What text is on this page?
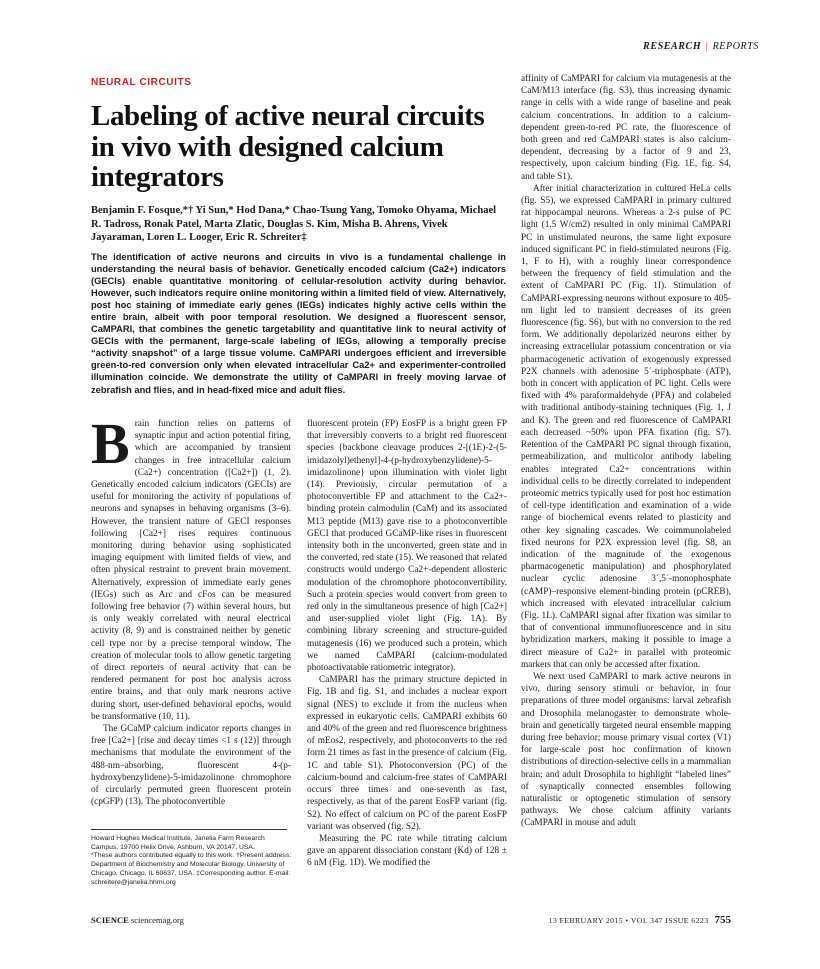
RESEARCH | REPORTS
NEURAL CIRCUITS
Labeling of active neural circuits in vivo with designed calcium integrators
Benjamin F. Fosque,*† Yi Sun,* Hod Dana,* Chao-Tsung Yang, Tomoko Ohyama, Michael R. Tadross, Ronak Patel, Marta Zlatic, Douglas S. Kim, Misha B. Ahrens, Vivek Jayaraman, Loren L. Looger, Eric R. Schreiter‡
The identification of active neurons and circuits in vivo is a fundamental challenge in understanding the neural basis of behavior. Genetically encoded calcium (Ca2+) indicators (GECIs) enable quantitative monitoring of cellular-resolution activity during behavior. However, such indicators require online monitoring within a limited field of view. Alternatively, post hoc staining of immediate early genes (IEGs) indicates highly active cells within the entire brain, albeit with poor temporal resolution. We designed a fluorescent sensor, CaMPARI, that combines the genetic targetability and quantitative link to neural activity of GECIs with the permanent, large-scale labeling of IEGs, allowing a temporally precise “activity snapshot” of a large tissue volume. CaMPARI undergoes efficient and irreversible green-to-red conversion only when elevated intracellular Ca2+ and experimenter-controlled illumination coincide. We demonstrate the utility of CaMPARI in freely moving larvae of zebrafish and flies, and in head-fixed mice and adult flies.

Brain function relies on patterns of synaptic input and action potential firing, which are accompanied by transient changes in free intracellular calcium (Ca2+) concentration ([Ca2+]) (1, 2). Genetically encoded calcium indicators (GECIs) are useful for monitoring the activity of populations of neurons and synapses in behaving organisms (3–6). However, the transient nature of GECI responses following [Ca2+] rises requires continuous monitoring during behavior using sophisticated imaging equipment with limited fields of view, and often physical restraint to prevent brain movement. Alternatively, expression of immediate early genes (IEGs) such as Arc and cFos can be measured following free behavior (7) within several hours, but is only weakly correlated with neural electrical activity (8, 9) and is constrained neither by genetic cell type nor by a precise temporal window. The creation of molecular tools to allow genetic targeting of direct reporters of neural activity that can be rendered permanent for post hoc analysis across entire brains, and that only mark neurons active during short, user-defined behavioral epochs, would be transformative (10, 11).

The GCaMP calcium indicator reports changes in free [Ca2+] [rise and decay times <1 s (12)] through mechanisms that modulate the environment of the 488-nm–absorbing, fluorescent 4-(p-hydroxybenzylidene)-5-imidazolinone chromophore of circularly permuted green fluorescent protein (cpGFP) (13). The photoconvertible

Howard Hughes Medical Institute, Janelia Farm Research Campus, 19700 Helix Drive, Ashburn, VA 20147, USA.

*These authors contributed equally to this work. †Present address: Department of Biochemistry and Molecular Biology, University of Chicago, Chicago, IL 60637, USA. ‡Corresponding author. E-mail: schreitere@janelia.hhmi.org

fluorescent protein (FP) EosFP is a bright green FP that irreversibly converts to a bright red fluorescent species {backbone cleavage produces 2-[(1E)-2-(5-imidazolyl)ethenyl]-4-(p-hydroxybenzylidene)-5-imidazolinone} upon illumination with violet light (14). Previously, circular permutation of a photoconvertible FP and attachment to the Ca2+-binding protein calmodulin (CaM) and its associated M13 peptide (M13) gave rise to a photoconvertible GECI that produced GCaMP-like rises in fluorescent intensity both in the unconverted, green state and in the converted, red state (15). We reasoned that related constructs would undergo Ca2+-dependent allosteric modulation of the chromophore photoconvertibility. Such a protein species would convert from green to red only in the simultaneous presence of high [Ca2+] and user-supplied violet light (Fig. 1A). By combining library screening and structure-guided mutagenesis (16) we produced such a protein, which we named CaMPARI (calcium-modulated photoactivatable ratiometric integrator).

CaMPARI has the primary structure depicted in Fig. 1B and fig. S1, and includes a nuclear export signal (NES) to exclude it from the nucleus when expressed in eukaryotic cells. CaMPARI exhibits 60 and 40% of the green and red fluorescence brightness of mEos2, respectively, and photoconverts to the red form 21 times as fast in the presence of calcium (Fig. 1C and table S1). Photoconversion (PC) of the calcium-bound and calcium-free states of CaMPARI occurs three times and one-seventh as fast, respectively, as that of the parent EosFP variant (fig. S2). No effect of calcium on PC of the parent EosFP variant was observed (fig. S2).

Measuring the PC rate while titrating calcium gave an apparent dissociation constant (Kd) of 128 ± 6 nM (Fig. 1D). We modified the

affinity of CaMPARI for calcium via mutagenesis at the CaM/M13 interface (fig. S3), thus increasing dynamic range in cells with a wide range of baseline and peak calcium concentrations. In addition to a calcium-dependent green-to-red PC rate, the fluorescence of both green and red CaMPARI states is also calcium-dependent, decreasing by a factor of 9 and 23, respectively, upon calcium binding (Fig. 1E, fig. S4, and table S1).

After initial characterization in cultured HeLa cells (fig. S5), we expressed CaMPARI in primary cultured rat hippocampal neurons. Whereas a 2-s pulse of PC light (1.5 W/cm2) resulted in only minimal CaMPARI PC in unstimulated neurons, the same light exposure induced significant PC in field-stimulated neurons (Fig. 1, F to H), with a roughly linear correspondence between the frequency of field stimulation and the extent of CaMPARI PC (Fig. 1I). Stimulation of CaMPARI-expressing neurons without exposure to 405-nm light led to transient decreases of its green fluorescence (fig. S6), but with no conversion to the red form. We additionally depolarized neurons either by increasing extracellular potassium concentration or via pharmacogenetic activation of exogenously expressed P2X channels with adenosine 5´-triphosphate (ATP), both in concert with application of PC light. Cells were fixed with 4% paraformaldehyde (PFA) and colabeled with traditional antibody-staining techniques (Fig. 1, J and K). The green and red fluorescence of CaMPARI each decreased ~50% upon PFA fixation (fig. S7). Retention of the CaMPARI PC signal through fixation, permeabilization, and multicolor antibody labeling enables integrated Ca2+ concentrations within individual cells to be directly correlated to independent proteomic metrics typically used for post hoc estimation of cell-type identification and examination of a wide range of biochemical events related to plasticity and other key signaling cascades. We coimmunolabeled fixed neurons for P2X expression level (fig. S8, an indication of the magnitude of the exogenous pharmacogenetic manipulation) and phosphorylated nuclear cyclic adenosine 3´,5´-monophosphate (cAMP)–responsive element-binding protein (pCREB), which increased with elevated intracellular calcium (Fig. 1L). CaMPARI signal after fixation was similar to that of conventional immunofluorescence and in situ hybridization markers, making it possible to image a direct measure of Ca2+ in parallel with proteomic markers that can only be accessed after fixation.

We next used CaMPARI to mark active neurons in vivo, during sensory stimuli or behavior, in four preparations of three model organisms: larval zebrafish and Drosophila melanogaster to demonstrate whole-brain and genetically targeted neural ensemble mapping during free behavior; mouse primary visual cortex (V1) for large-scale post hoc confirmation of known distributions of direction-selective cells in a mammalian brain; and adult Drosophila to highlight “labeled lines” of synaptically connected ensembles following naturalistic or optogenetic stimulation of sensory pathways. We chose calcium affinity variants (CaMPARI in mouse and adult

SCIENCE sciencemag.org	13 FEBRUARY 2015 • VOL 347 ISSUE 6223 755
